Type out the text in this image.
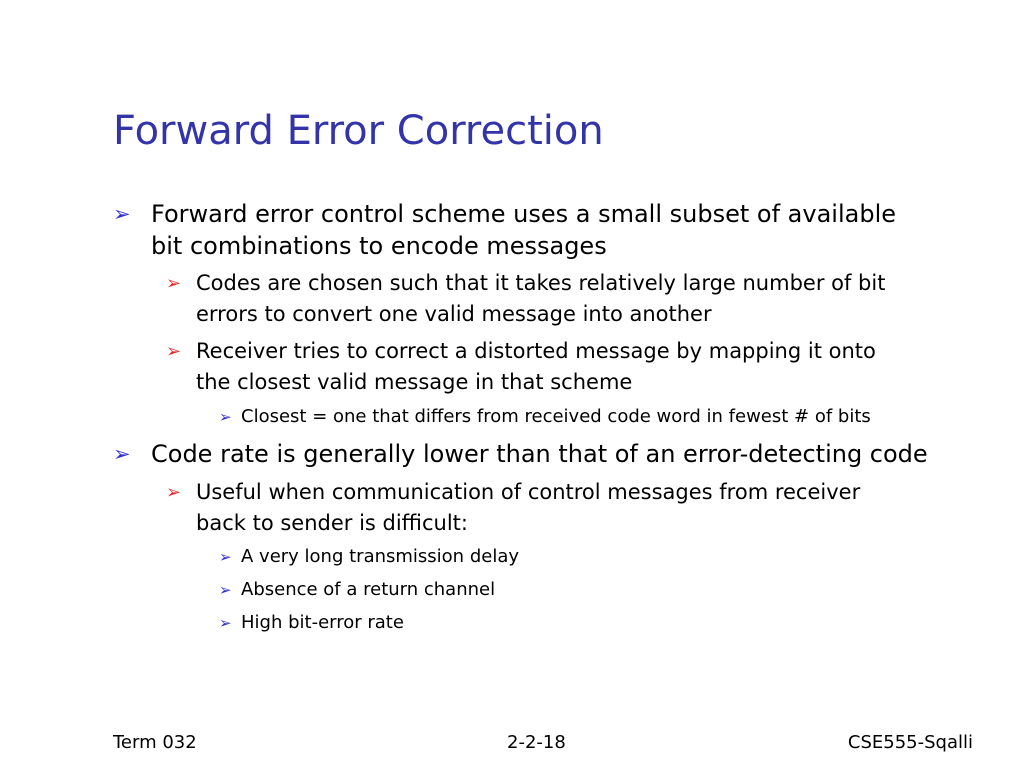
Forward Error Correction
➢ Forward error control scheme uses a small subset of available
bit combinations to encode messages
➢ Codes are chosen such that it takes relatively large number of bit
errors to convert one valid message into another
➢ Receiver tries to correct a distorted message by mapping it onto
the closest valid message in that scheme
➢ Closest = one that differs from received code word in fewest # of bits
➢ Code rate is generally lower than that of an error-detecting code
➢ Useful when communication of control messages from receiver
back to sender is difficult:
➢ A very long transmission delay
➢ Absence of a return channel
➢ High bit-error rate
Term 032	2-2-18	CSE555-Sqalli
